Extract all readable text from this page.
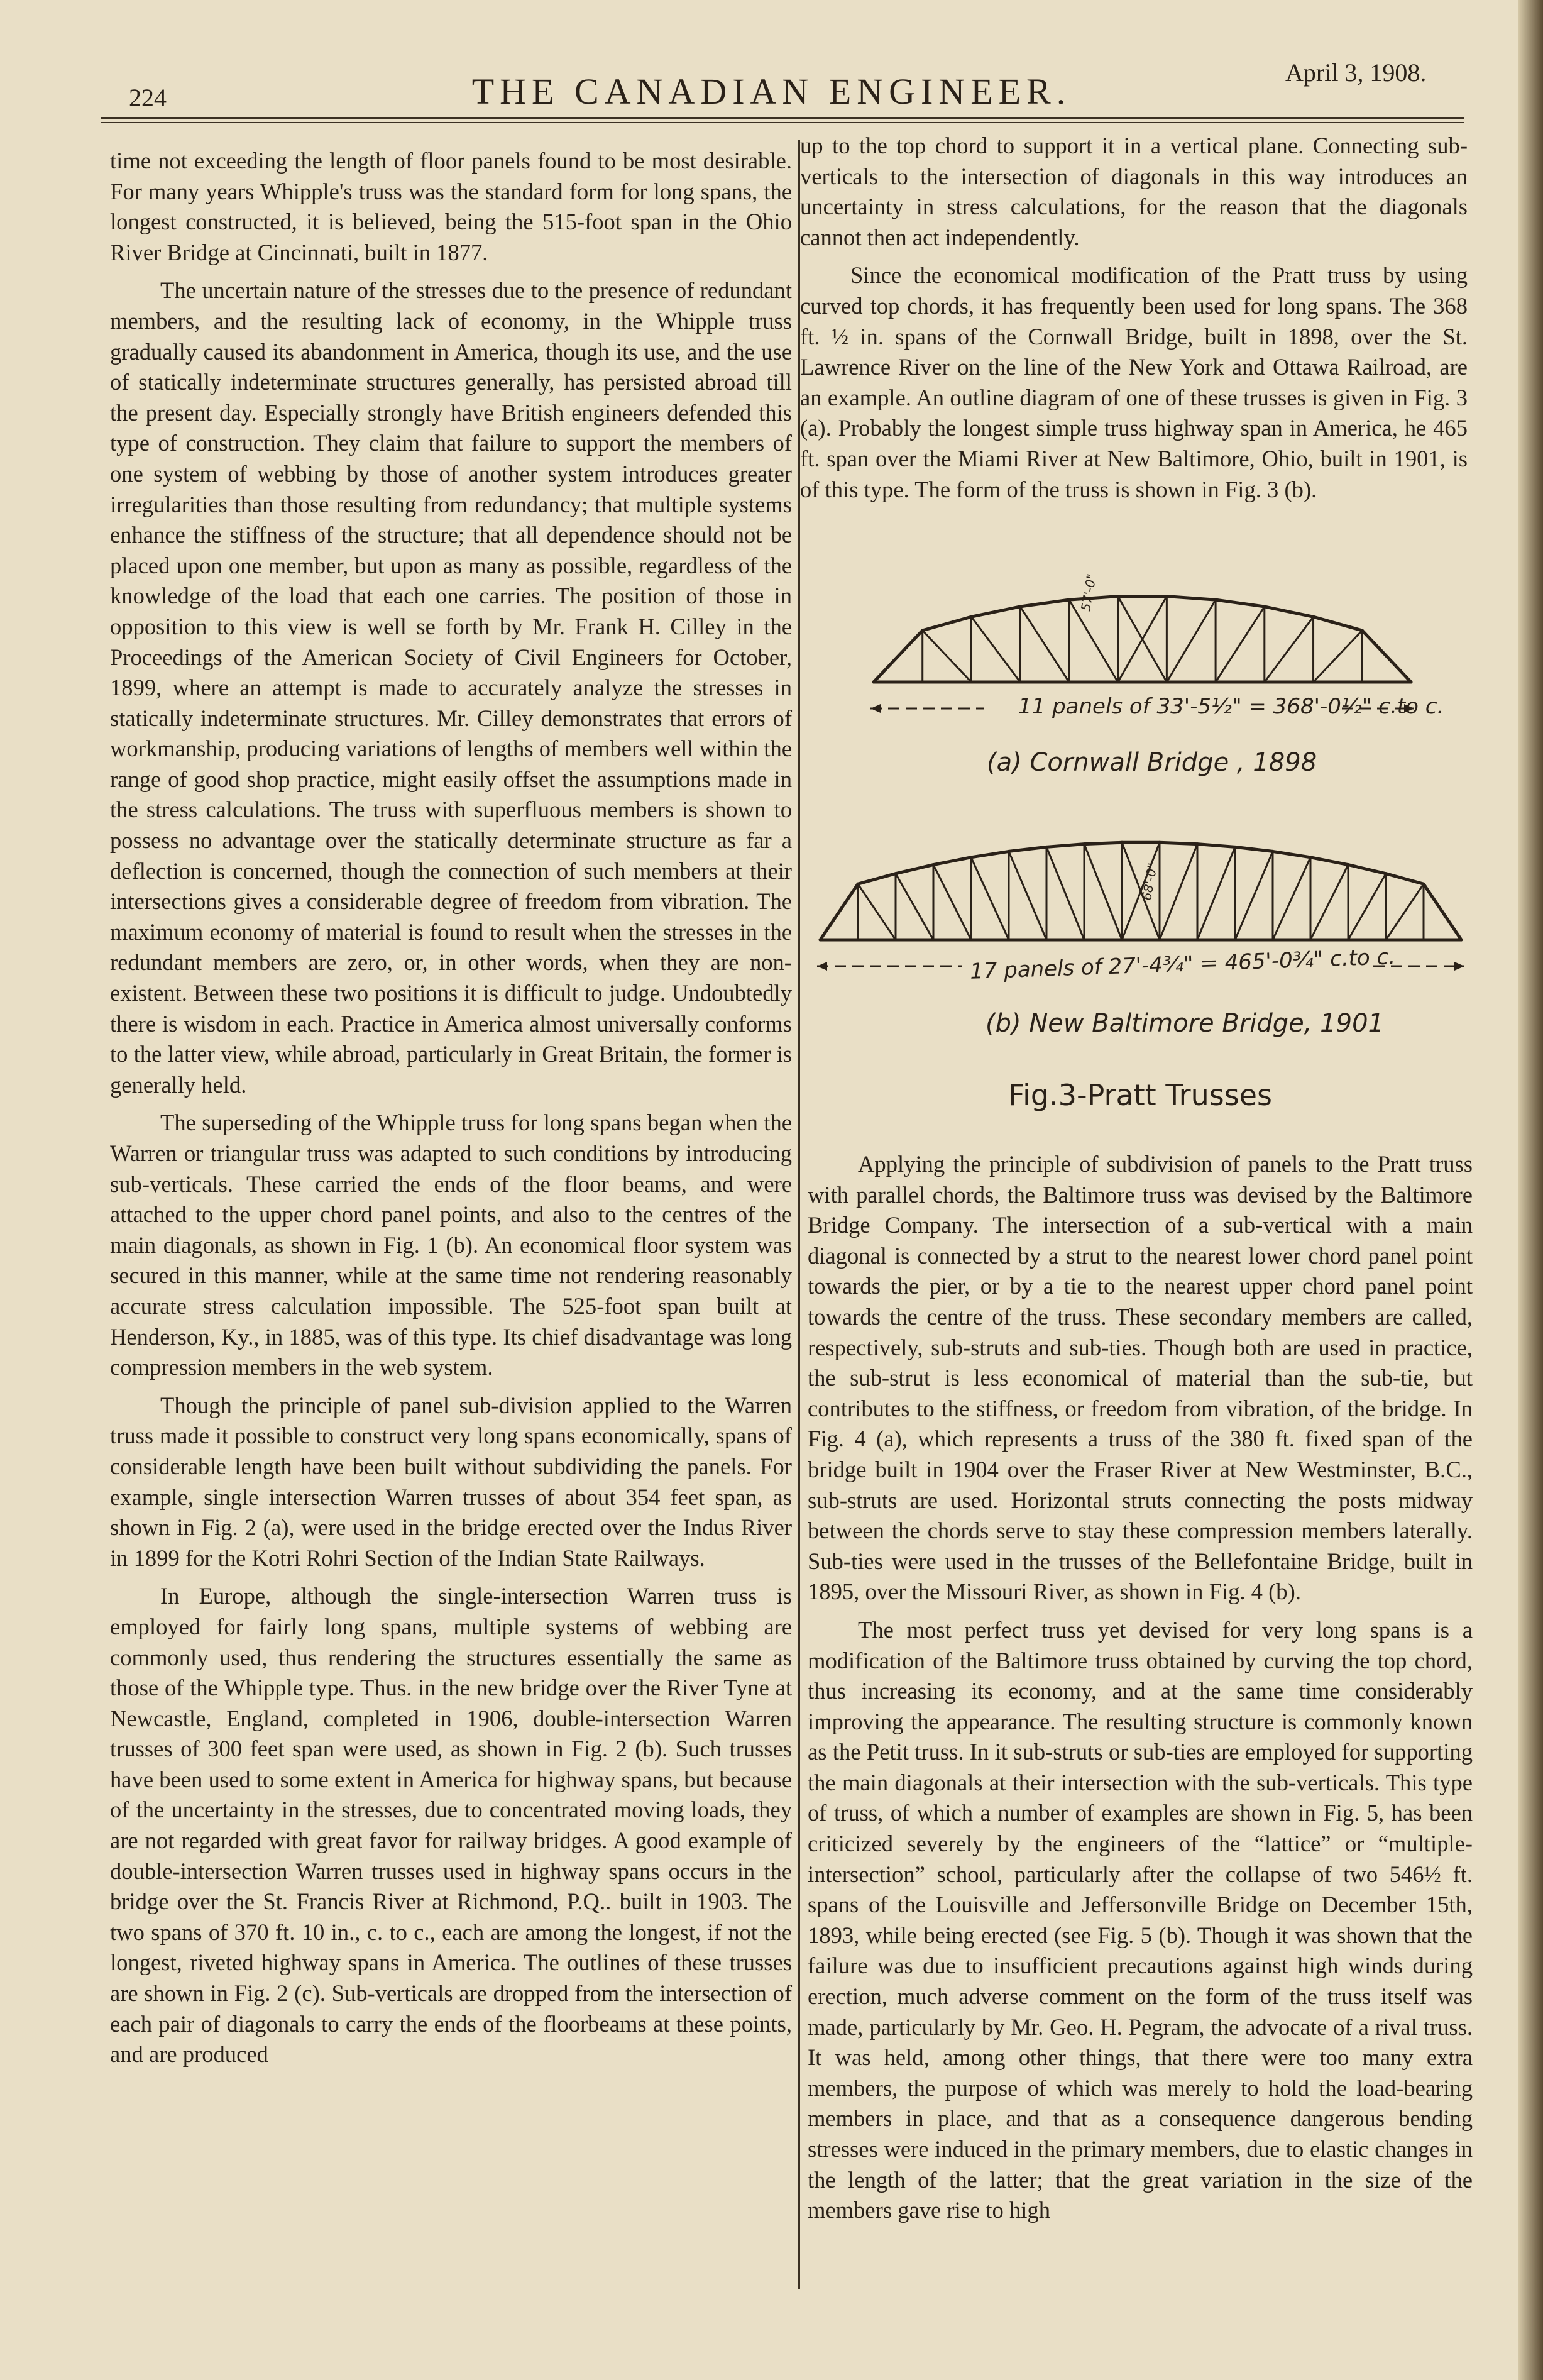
224	THE CANADIAN ENGINEER.	April 3, 1908.

time not exceeding the length of floor panels found to be most desirable. For many years Whipple's truss was the standard form for long spans, the longest constructed, it is believed, being the 515-foot span in the Ohio River Bridge at Cincinnati, built in 1877.

The uncertain nature of the stresses due to the presence of redundant members, and the resulting lack of economy, in the Whipple truss gradually caused its abandonment in America, though its use, and the use of statically indeterminate structures generally, has persisted abroad till the present day. Especially strongly have British engineers defended this type of construction. They claim that failure to support the members of one system of webbing by those of another system introduces greater irregularities than those resulting from redundancy; that multiple systems enhance the stiffness of the structure; that all dependence should not be placed upon one member, but upon as many as possible, regardless of the knowledge of the load that each one carries. The position of those in opposition to this view is well se forth by Mr. Frank H. Cilley in the Proceedings of the American Society of Civil Engineers for October, 1899, where an attempt is made to accurately analyze the stresses in statically indeterminate structures. Mr. Cilley demonstrates that errors of workmanship, producing variations of lengths of members well within the range of good shop practice, might easily offset the assumptions made in the stress calculations. The truss with superfluous members is shown to possess no advantage over the statically determinate structure as far a deflection is concerned, though the connection of such members at their intersections gives a considerable degree of freedom from vibration. The maximum economy of material is found to result when the stresses in the redundant members are zero, or, in other words, when they are non-existent. Between these two positions it is difficult to judge. Undoubtedly there is wisdom in each. Practice in America almost universally conforms to the latter view, while abroad, particularly in Great Britain, the former is generally held.

The superseding of the Whipple truss for long spans began when the Warren or triangular truss was adapted to such conditions by introducing sub-verticals. These carried the ends of the floor beams, and were attached to the upper chord panel points, and also to the centres of the main diagonals, as shown in Fig. 1 (b). An economical floor system was secured in this manner, while at the same time not rendering reasonably accurate stress calculation impossible. The 525-foot span built at Henderson, Ky., in 1885, was of this type. Its chief disadvantage was long compression members in the web system.

Though the principle of panel sub-division applied to the Warren truss made it possible to construct very long spans economically, spans of considerable length have been built without subdividing the panels. For example, single intersection Warren trusses of about 354 feet span, as shown in Fig. 2 (a), were used in the bridge erected over the Indus River in 1899 for the Kotri Rohri Section of the Indian State Railways.

In Europe, although the single-intersection Warren truss is employed for fairly long spans, multiple systems of webbing are commonly used, thus rendering the structures essentially the same as those of the Whipple type. Thus. in the new bridge over the River Tyne at Newcastle, England, completed in 1906, double-intersection Warren trusses of 300 feet span were used, as shown in Fig. 2 (b). Such trusses have been used to some extent in America for highway spans, but because of the uncertainty in the stresses, due to concentrated moving loads, they are not regarded with great favor for railway bridges. A good example of double-intersection Warren trusses used in highway spans occurs in the bridge over the St. Francis River at Richmond, P.Q.. built in 1903. The two spans of 370 ft. 10 in., c. to c., each are among the longest, if not the longest, riveted highway spans in America. The outlines of these trusses are shown in Fig. 2 (c). Sub-verticals are dropped from the intersection of each pair of diagonals to carry the ends of the floorbeams at these points, and are produced

up to the top chord to support it in a vertical plane. Connecting sub-verticals to the intersection of diagonals in this way introduces an uncertainty in stress calculations, for the reason that the diagonals cannot then act independently.

Since the economical modification of the Pratt truss by using curved top chords, it has frequently been used for long spans. The 368 ft. ½ in. spans of the Cornwall Bridge, built in 1898, over the St. Lawrence River on the line of the New York and Ottawa Railroad, are an example. An outline diagram of one of these trusses is given in Fig. 3 (a). Probably the longest simple truss highway span in America, he 465 ft. span over the Miami River at New Baltimore, Ohio, built in 1901, is of this type. The form of the truss is shown in Fig. 3 (b).

11 panels of 33'-5½" = 368'-0½" c.to c.
17 panels of 27'-4¾" = 465'-0¾" c.to c.
57'-0"
68'-0"
(a) Cornwall Bridge , 1898
(b) New Baltimore Bridge, 1901
Fig.3-Pratt Trusses

Applying the principle of subdivision of panels to the Pratt truss with parallel chords, the Baltimore truss was devised by the Baltimore Bridge Company. The intersection of a sub-vertical with a main diagonal is connected by a strut to the nearest lower chord panel point towards the pier, or by a tie to the nearest upper chord panel point towards the centre of the truss. These secondary members are called, respectively, sub-struts and sub-ties. Though both are used in practice, the sub-strut is less economical of material than the sub-tie, but contributes to the stiffness, or freedom from vibration, of the bridge. In Fig. 4 (a), which represents a truss of the 380 ft. fixed span of the bridge built in 1904 over the Fraser River at New Westminster, B.C., sub-struts are used. Horizontal struts connecting the posts midway between the chords serve to stay these compression members laterally. Sub-ties were used in the trusses of the Bellefontaine Bridge, built in 1895, over the Missouri River, as shown in Fig. 4 (b).

The most perfect truss yet devised for very long spans is a modification of the Baltimore truss obtained by curving the top chord, thus increasing its economy, and at the same time considerably improving the appearance. The resulting structure is commonly known as the Petit truss. In it sub-struts or sub-ties are employed for supporting the main diagonals at their intersection with the sub-verticals. This type of truss, of which a number of examples are shown in Fig. 5, has been criticized severely by the engineers of the “lattice” or “multiple-intersection” school, particularly after the collapse of two 546½ ft. spans of the Louisville and Jeffersonville Bridge on December 15th, 1893, while being erected (see Fig. 5 (b). Though it was shown that the failure was due to insufficient precautions against high winds during erection, much adverse comment on the form of the truss itself was made, particularly by Mr. Geo. H. Pegram, the advocate of a rival truss. It was held, among other things, that there were too many extra members, the purpose of which was merely to hold the load-bearing members in place, and that as a consequence dangerous bending stresses were induced in the primary members, due to elastic changes in the length of the latter; that the great variation in the size of the members gave rise to high
